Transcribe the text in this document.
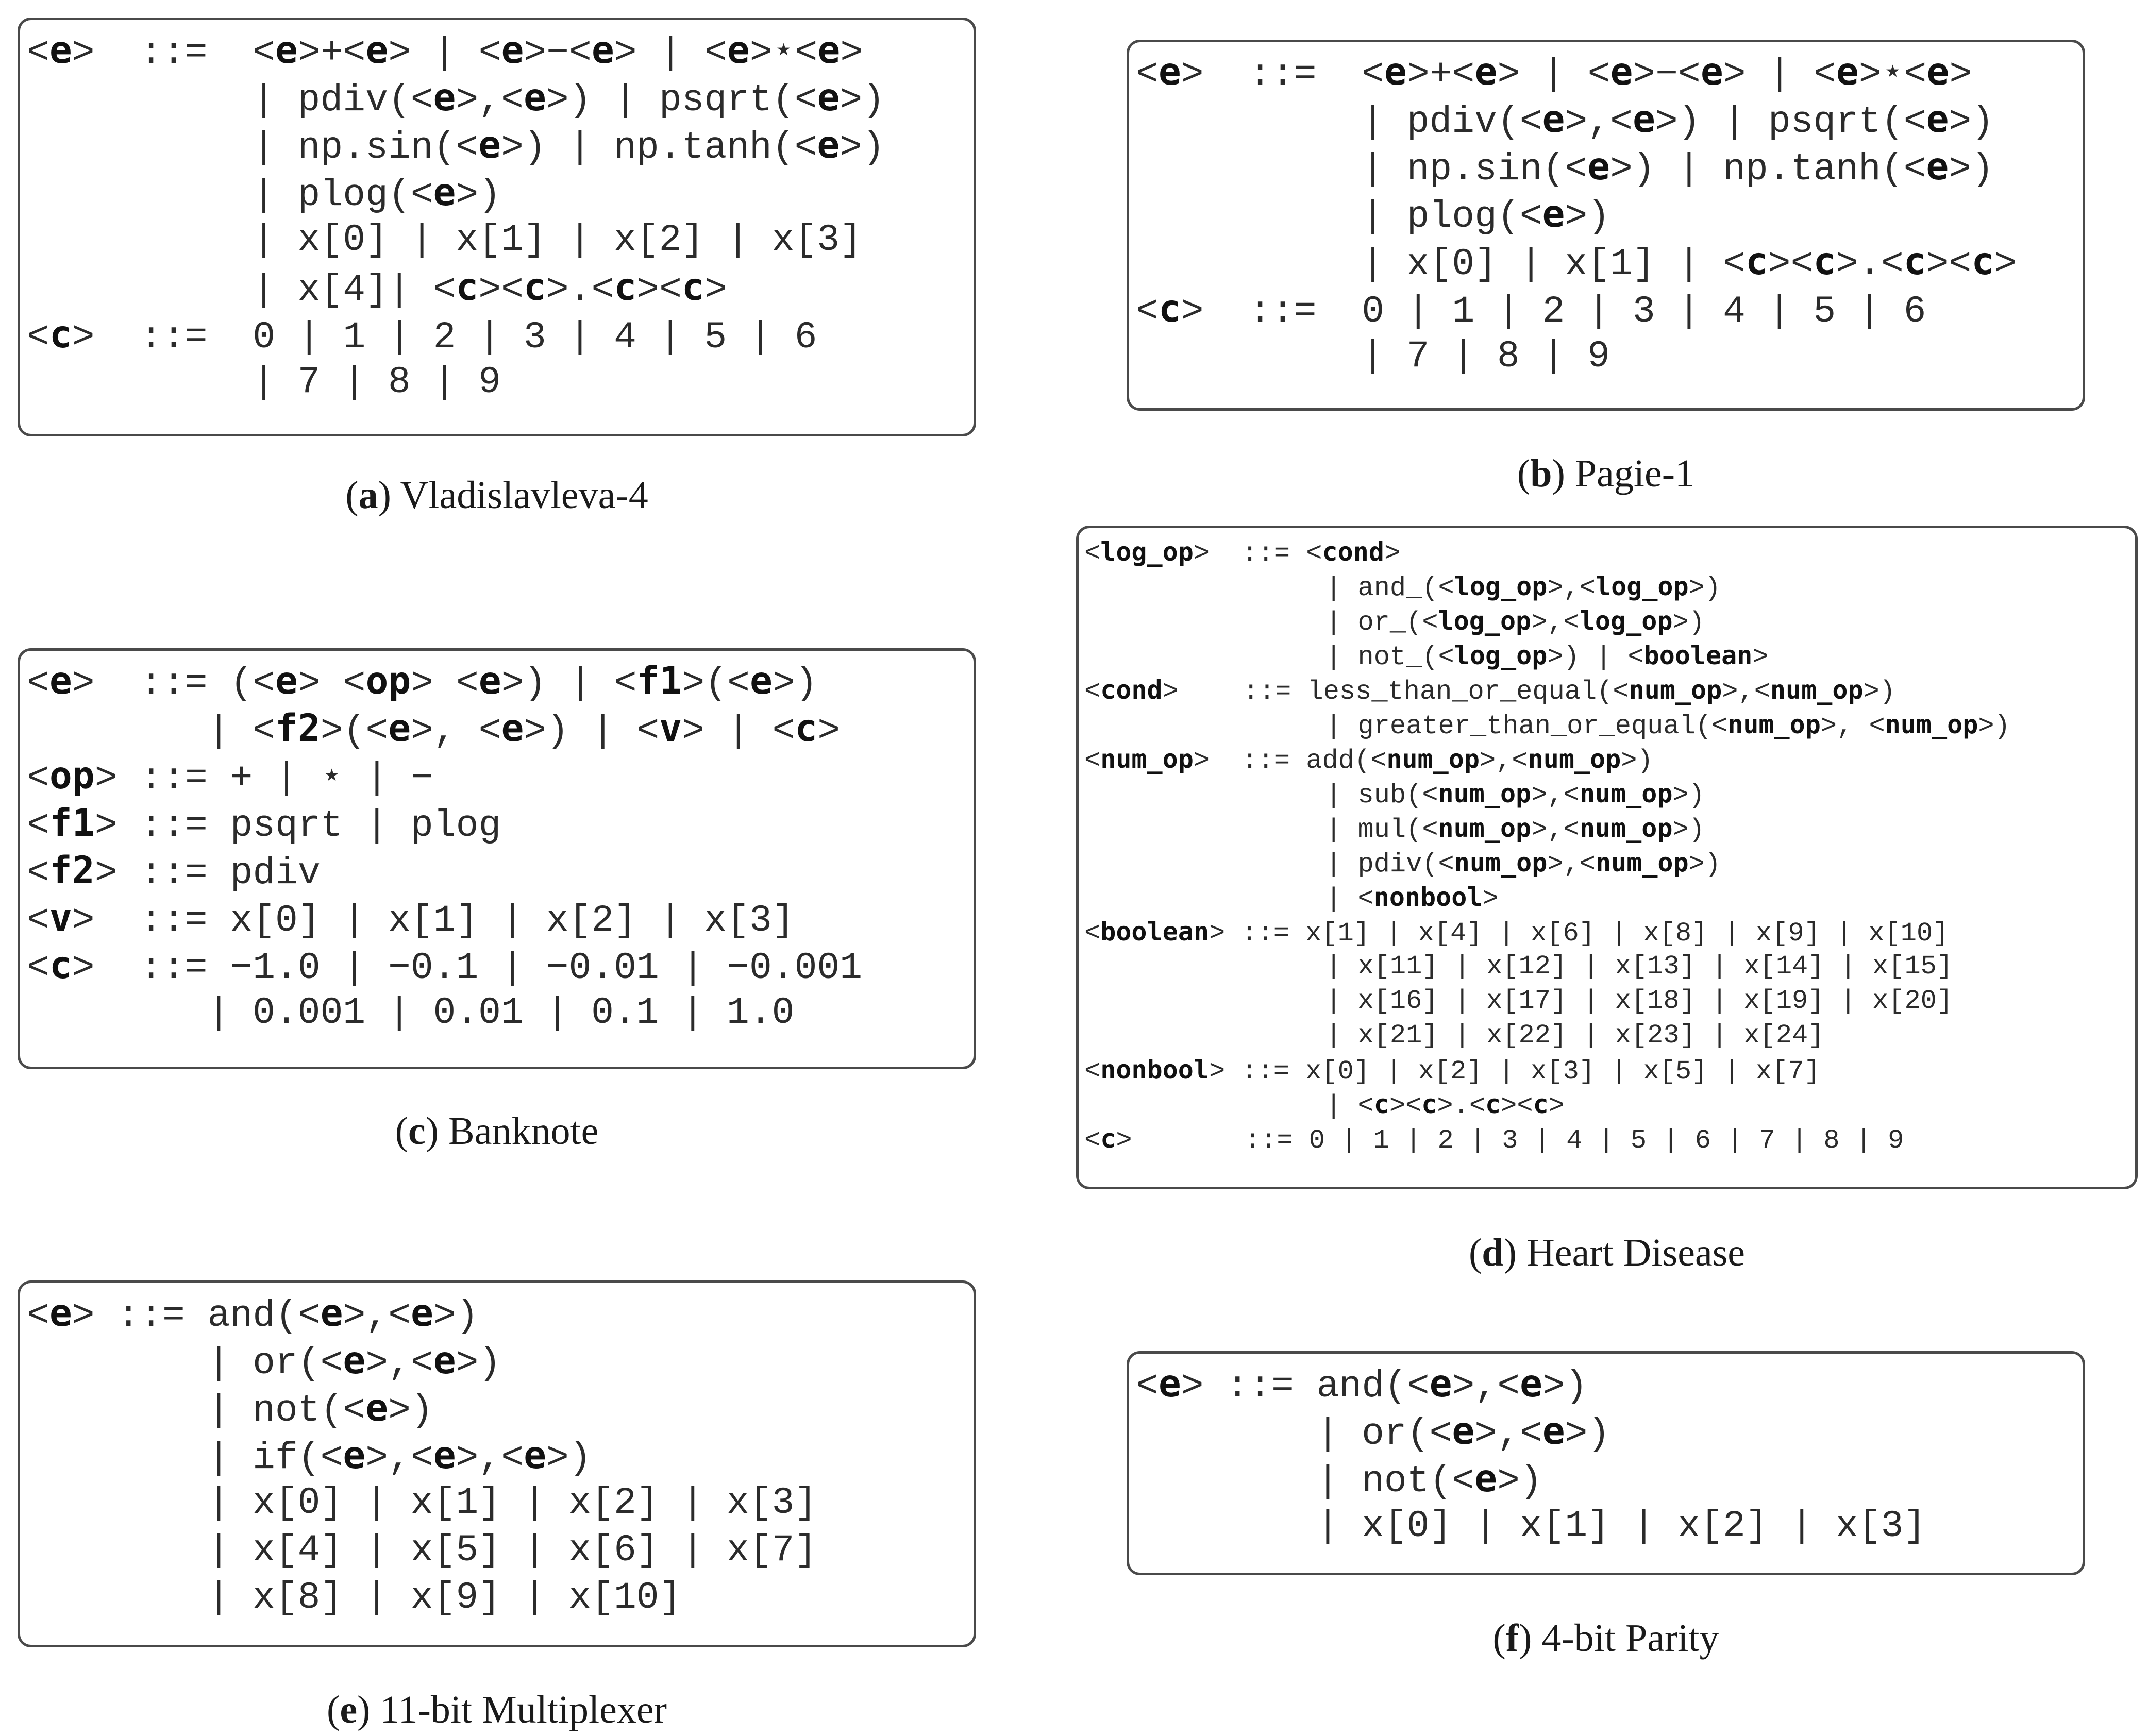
<e>  ::=  <e>+<e> | <e>−<e> | <e>⋆<e>
| pdiv(<e>,<e>) | psqrt(<e>)
| np.sin(<e>) | np.tanh(<e>)
| plog(<e>)
| x[0] | x[1] | x[2] | x[3]
| x[4]| <c><c>.<c><c>
<c>  ::=  0 | 1 | 2 | 3 | 4 | 5 | 6
| 7 | 8 | 9
(a) Vladislavleva-4
<e>  ::=  <e>+<e> | <e>−<e> | <e>⋆<e>
| pdiv(<e>,<e>) | psqrt(<e>)
| np.sin(<e>) | np.tanh(<e>)
| plog(<e>)
| x[0] | x[1] | <c><c>.<c><c>
<c>  ::=  0 | 1 | 2 | 3 | 4 | 5 | 6
| 7 | 8 | 9
(b) Pagie-1
<e>  ::= (<e> <op> <e>) | <f1>(<e>)
| <f2>(<e>, <e>) | <v> | <c>
<op> ::= + | ⋆ | −
<f1> ::= psqrt | plog
<f2> ::= pdiv
<v>  ::= x[0] | x[1] | x[2] | x[3]
<c>  ::= −1.0 | −0.1 | −0.01 | −0.001
| 0.001 | 0.01 | 0.1 | 1.0
(c) Banknote
<log_op>  ::= <cond>
| and_(<log_op>,<log_op>)
| or_(<log_op>,<log_op>)
| not_(<log_op>) | <boolean>
<cond>    ::= less_than_or_equal(<num_op>,<num_op>)
| greater_than_or_equal(<num_op>, <num_op>)
<num_op>  ::= add(<num_op>,<num_op>)
| sub(<num_op>,<num_op>)
| mul(<num_op>,<num_op>)
| pdiv(<num_op>,<num_op>)
| <nonbool>
<boolean> ::= x[1] | x[4] | x[6] | x[8] | x[9] | x[10]
| x[11] | x[12] | x[13] | x[14] | x[15]
| x[16] | x[17] | x[18] | x[19] | x[20]
| x[21] | x[22] | x[23] | x[24]
<nonbool> ::= x[0] | x[2] | x[3] | x[5] | x[7]
| <c><c>.<c><c>
<c>       ::= 0 | 1 | 2 | 3 | 4 | 5 | 6 | 7 | 8 | 9
(d) Heart Disease
<e> ::= and(<e>,<e>)
| or(<e>,<e>)
| not(<e>)
| if(<e>,<e>,<e>)
| x[0] | x[1] | x[2] | x[3]
| x[4] | x[5] | x[6] | x[7]
| x[8] | x[9] | x[10]
(e) 11-bit Multiplexer
<e> ::= and(<e>,<e>)
| or(<e>,<e>)
| not(<e>)
| x[0] | x[1] | x[2] | x[3]
(f) 4-bit Parity
